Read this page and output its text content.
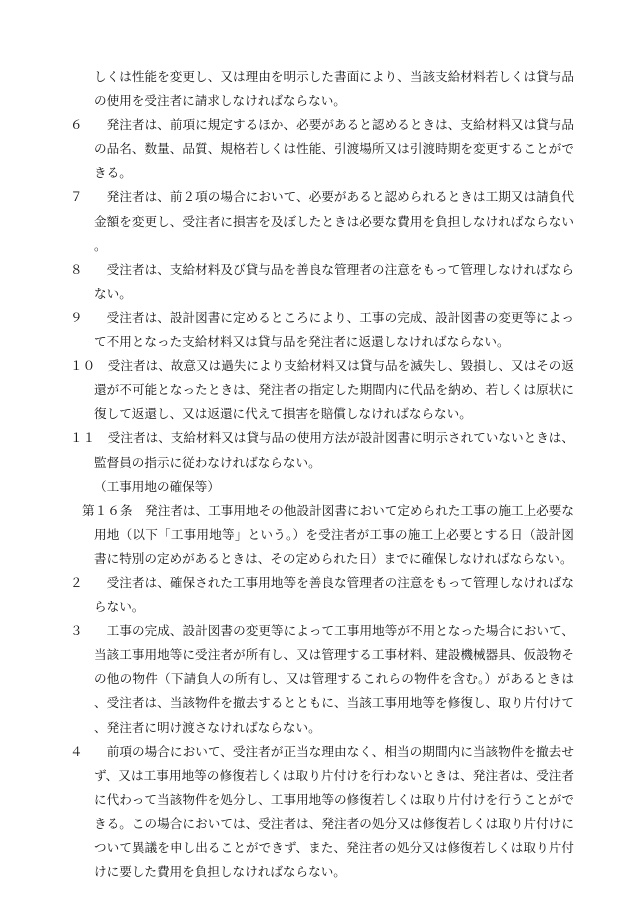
しくは性能を変更し、又は理由を明示した書面により、当該支給材料若しくは貸与品の使用を受注者に請求しなければならない。

６　発注者は、前項に規定するほか、必要があると認めるときは、支給材料又は貸与品の品名、数量、品質、規格若しくは性能、引渡場所又は引渡時期を変更することができる。

７　発注者は、前２項の場合において、必要があると認められるときは工期又は請負代金額を変更し、受注者に損害を及ぼしたときは必要な費用を負担しなければならない。

８　受注者は、支給材料及び貸与品を善良な管理者の注意をもって管理しなければならない。

９　受注者は、設計図書に定めるところにより、工事の完成、設計図書の変更等によって不用となった支給材料又は貸与品を発注者に返還しなければならない。

１０　受注者は、故意又は過失により支給材料又は貸与品を滅失し、毀損し、又はその返還が不可能となったときは、発注者の指定した期間内に代品を納め、若しくは原状に復して返還し、又は返還に代えて損害を賠償しなければならない。

１１　受注者は、支給材料又は貸与品の使用方法が設計図書に明示されていないときは、監督員の指示に従わなければならない。

（工事用地の確保等）

第１６条　発注者は、工事用地その他設計図書において定められた工事の施工上必要な用地（以下「工事用地等」という。）を受注者が工事の施工上必要とする日（設計図書に特別の定めがあるときは、その定められた日）までに確保しなければならない。

２　受注者は、確保された工事用地等を善良な管理者の注意をもって管理しなければならない。

３　工事の完成、設計図書の変更等によって工事用地等が不用となった場合において、当該工事用地等に受注者が所有し、又は管理する工事材料、建設機械器具、仮設物その他の物件（下請負人の所有し、又は管理するこれらの物件を含む。）があるときは、受注者は、当該物件を撤去するとともに、当該工事用地等を修復し、取り片付けて、発注者に明け渡さなければならない。

４　前項の場合において、受注者が正当な理由なく、相当の期間内に当該物件を撤去せず、又は工事用地等の修復若しくは取り片付けを行わないときは、発注者は、受注者に代わって当該物件を処分し、工事用地等の修復若しくは取り片付けを行うことができる。この場合においては、受注者は、発注者の処分又は修復若しくは取り片付けについて異議を申し出ることができず、また、発注者の処分又は修復若しくは取り片付けに要した費用を負担しなければならない。
